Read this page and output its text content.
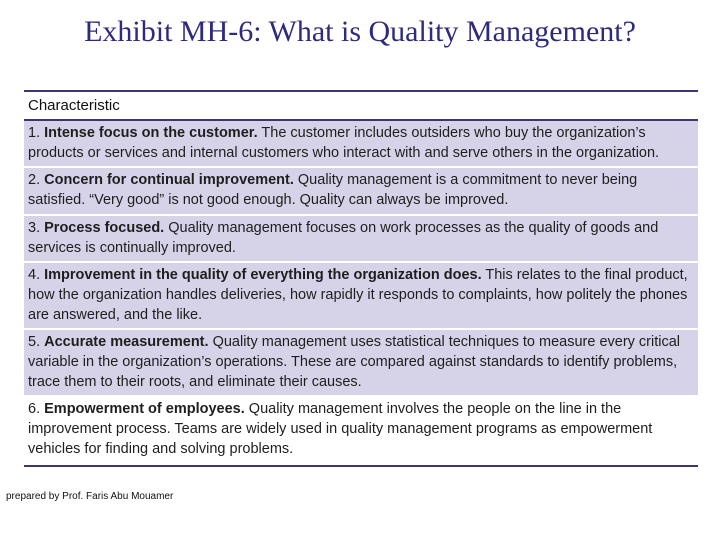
Exhibit MH-6: What is Quality Management?
Characteristic
1. Intense focus on the customer. The customer includes outsiders who buy the organization’s products or services and internal customers who interact with and serve others in the organization.
2. Concern for continual improvement. Quality management is a commitment to never being satisfied. “Very good” is not good enough. Quality can always be improved.
3. Process focused. Quality management focuses on work processes as the quality of goods and services is continually improved.
4. Improvement in the quality of everything the organization does. This relates to the final product, how the organization handles deliveries, how rapidly it responds to complaints, how politely the phones are answered, and the like.
5. Accurate measurement. Quality management uses statistical techniques to measure every critical variable in the organization’s operations. These are compared against standards to identify problems, trace them to their roots, and eliminate their causes.
6. Empowerment of employees. Quality management involves the people on the line in the improvement process. Teams are widely used in quality management programs as empowerment vehicles for finding and solving problems.
prepared by Prof. Faris Abu Mouamer
